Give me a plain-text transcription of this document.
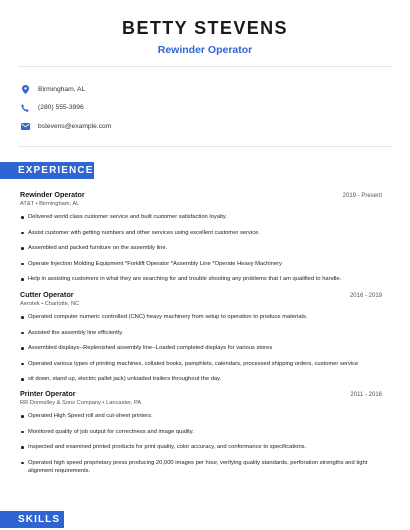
BETTY STEVENS
Rewinder Operator
Birmingham, AL
(280) 555-3996
bstevens@example.com
EXPERIENCE
Rewinder Operator	2019 - Present
AT&T • Birmingham, AL
Delivered world class customer service and built customer satisfaction loyalty.
Assist customer with getting numbers and other services using excellent customer service.
Assembled and packed furniture on the assembly line.
Operate Injection Molding Equipment *Forklift Operator *Assembly Line *Operate Heavy Machinery
Help in assisting customers in what they are searching for and trouble shooting any problems that I am qualified to handle.
Cutter Operator	2016 - 2019
Aerotek • Charlotte, NC
Operated computer numeric controlled (CNC) heavy machinery from setup to operation to produce materials.
Assisted the assembly line efficiently.
Assembled displays--Replenished assembly line--Loaded completed displays for various stores
Operated various types of printing machines, collated books, pamphlets, calendars, processed shipping orders, customer service
sit down, stand up, electric pallet jack) unloaded trailers throughout the day.
Printer Operator	2011 - 2016
RR Donnelley & Sons Company • Lancaster, PA
Operated High Speed roll and cut-sheet printers.
Monitored quality of job output for correctness and image quality.
Inspected and examined printed products for print quality, color accuracy, and conformance to specifications.
Operated high speed proprietary press producing 20,000 images per hour, verifying quality standards, perforation strengths and tight alignment requirements.
SKILLS
